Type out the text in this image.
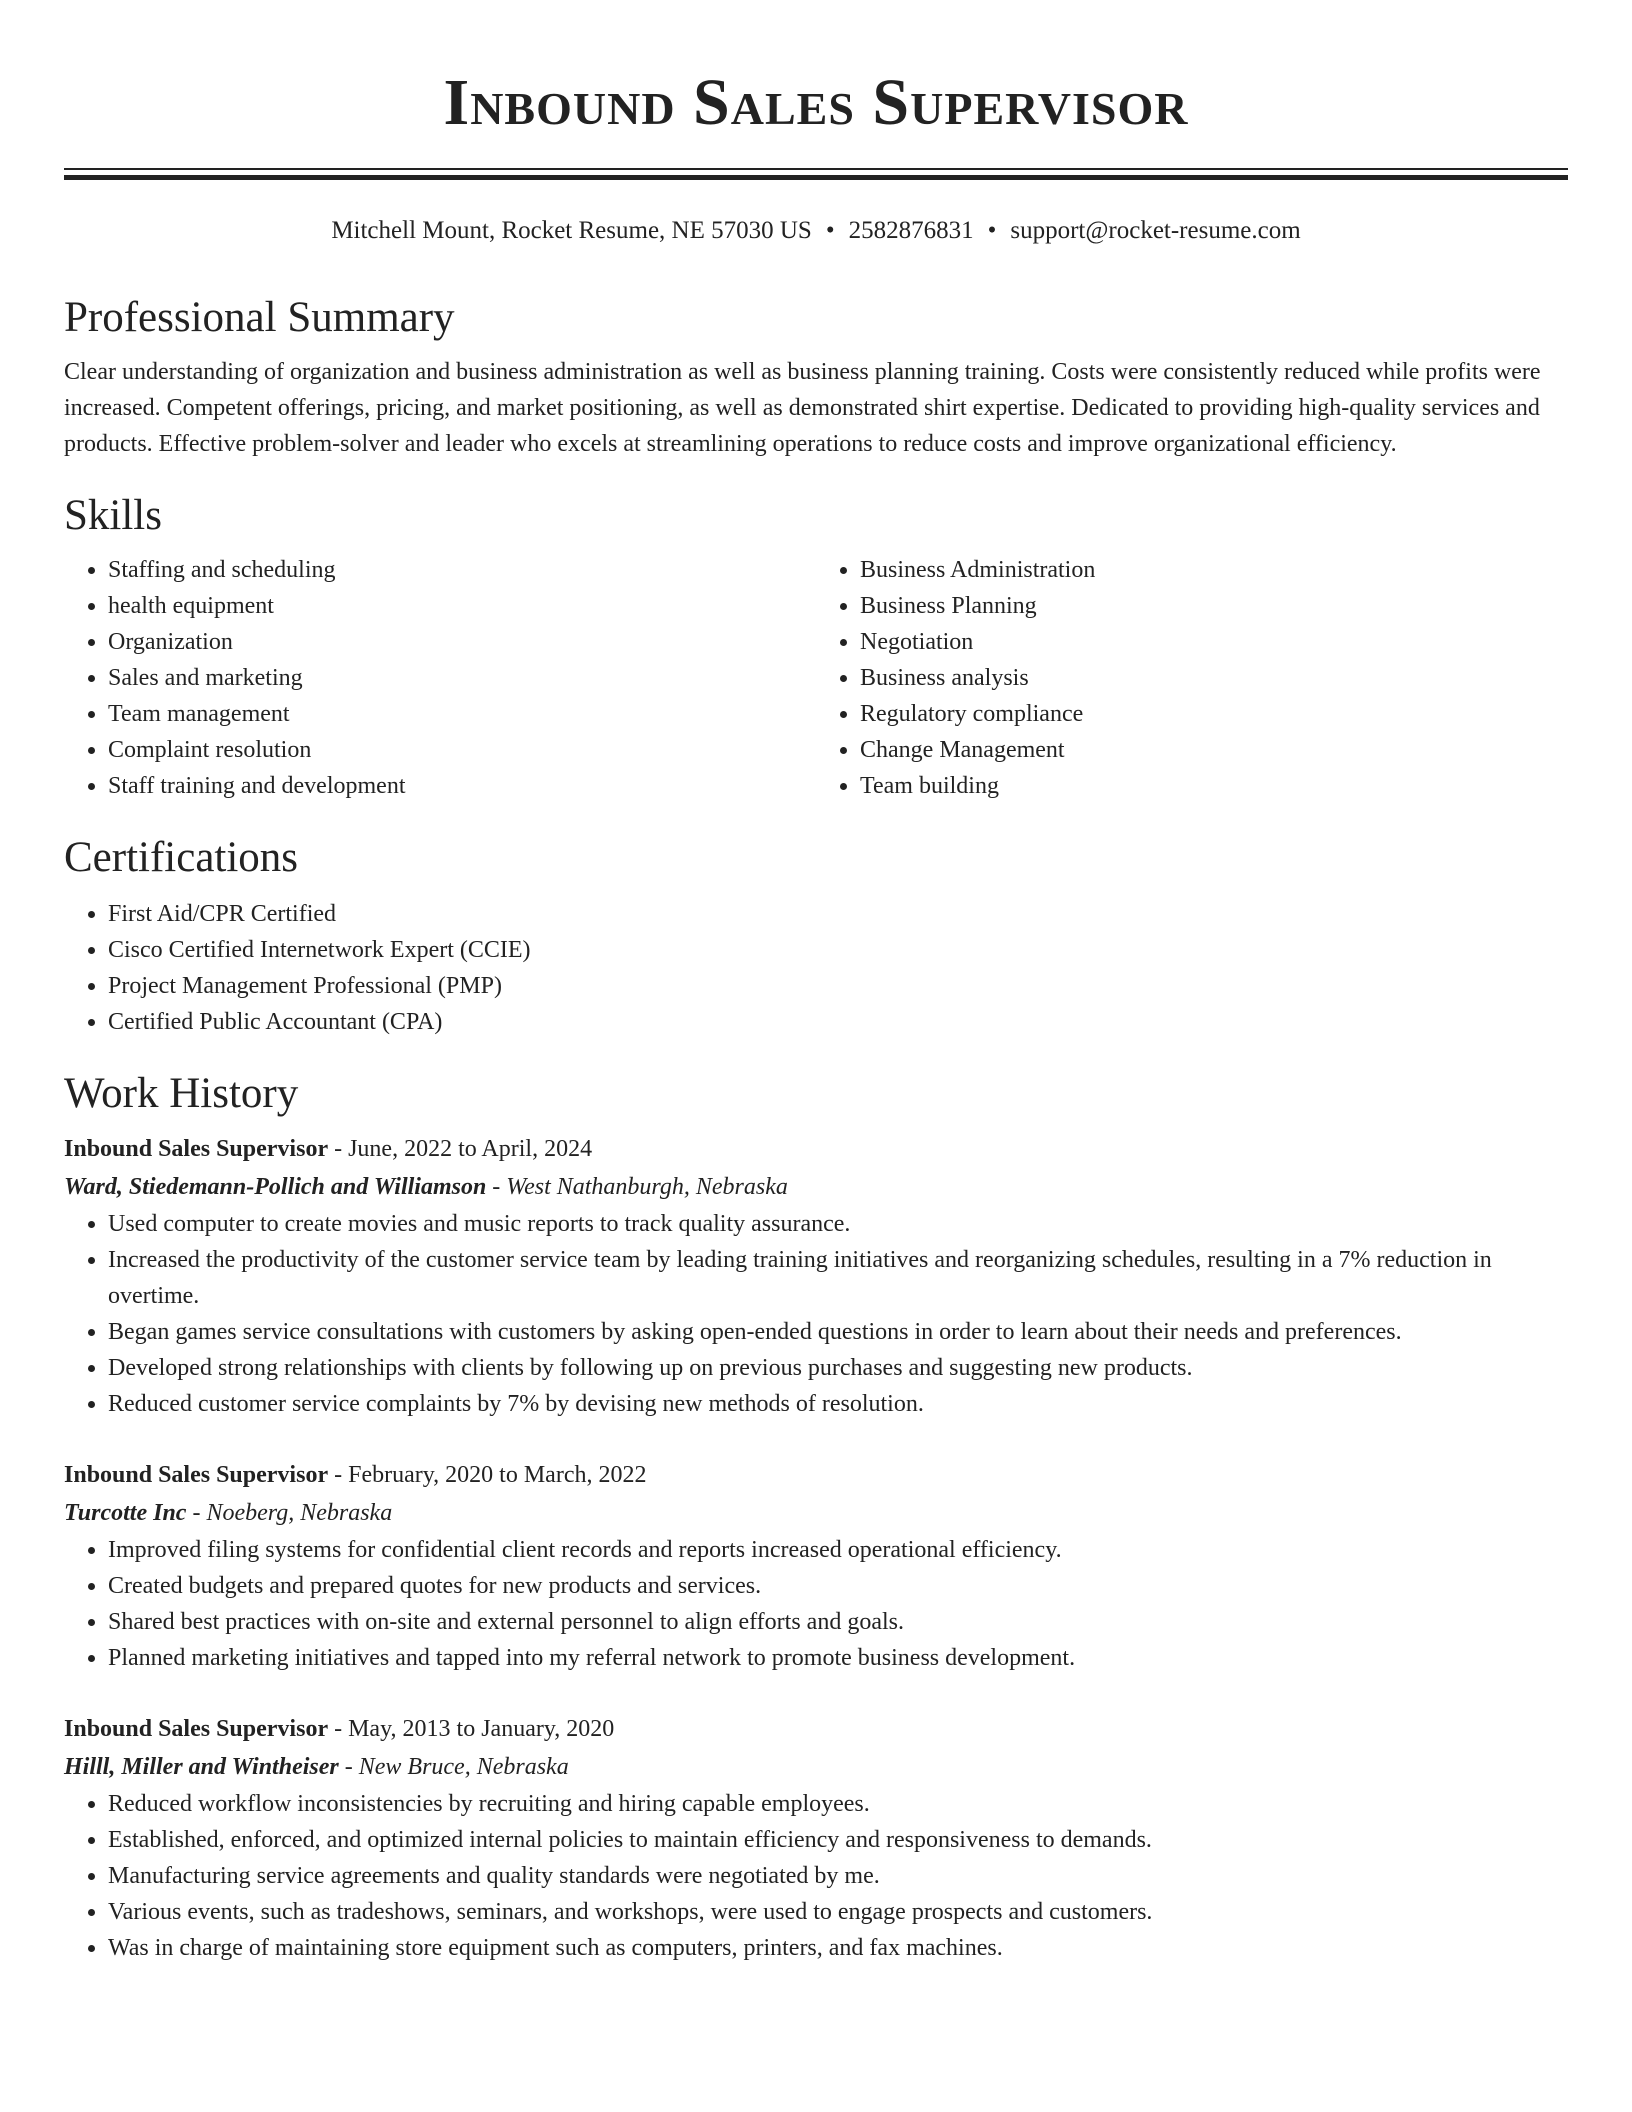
Inbound Sales Supervisor
Mitchell Mount, Rocket Resume, NE 57030 US • 2582876831 • support@rocket-resume.com
Professional Summary

Clear understanding of organization and business administration as well as business planning training. Costs were consistently reduced while profits were increased. Competent offerings, pricing, and market positioning, as well as demonstrated shirt expertise. Dedicated to providing high-quality services and products. Effective problem-solver and leader who excels at streamlining operations to reduce costs and improve organizational efficiency.

Skills
• Staffing and scheduling
• health equipment
• Organization
• Sales and marketing
• Team management
• Complaint resolution
• Staff training and development
• Business Administration
• Business Planning
• Negotiation
• Business analysis
• Regulatory compliance
• Change Management
• Team building
Certifications
• First Aid/CPR Certified
• Cisco Certified Internetwork Expert (CCIE)
• Project Management Professional (PMP)
• Certified Public Accountant (CPA)
Work History

Inbound Sales Supervisor - June, 2022 to April, 2024

Ward, Stiedemann-Pollich and Williamson - West Nathanburgh, Nebraska

• Used computer to create movies and music reports to track quality assurance.
• Increased the productivity of the customer service team by leading training initiatives and reorganizing schedules, resulting in a 7% reduction in overtime.
• Began games service consultations with customers by asking open-ended questions in order to learn about their needs and preferences.
• Developed strong relationships with clients by following up on previous purchases and suggesting new products.
• Reduced customer service complaints by 7% by devising new methods of resolution.

Inbound Sales Supervisor - February, 2020 to March, 2022

Turcotte Inc - Noeberg, Nebraska

• Improved filing systems for confidential client records and reports increased operational efficiency.
• Created budgets and prepared quotes for new products and services.
• Shared best practices with on-site and external personnel to align efforts and goals.
• Planned marketing initiatives and tapped into my referral network to promote business development.

Inbound Sales Supervisor - May, 2013 to January, 2020

Hilll, Miller and Wintheiser - New Bruce, Nebraska

• Reduced workflow inconsistencies by recruiting and hiring capable employees.
• Established, enforced, and optimized internal policies to maintain efficiency and responsiveness to demands.
• Manufacturing service agreements and quality standards were negotiated by me.
• Various events, such as tradeshows, seminars, and workshops, were used to engage prospects and customers.
• Was in charge of maintaining store equipment such as computers, printers, and fax machines.
